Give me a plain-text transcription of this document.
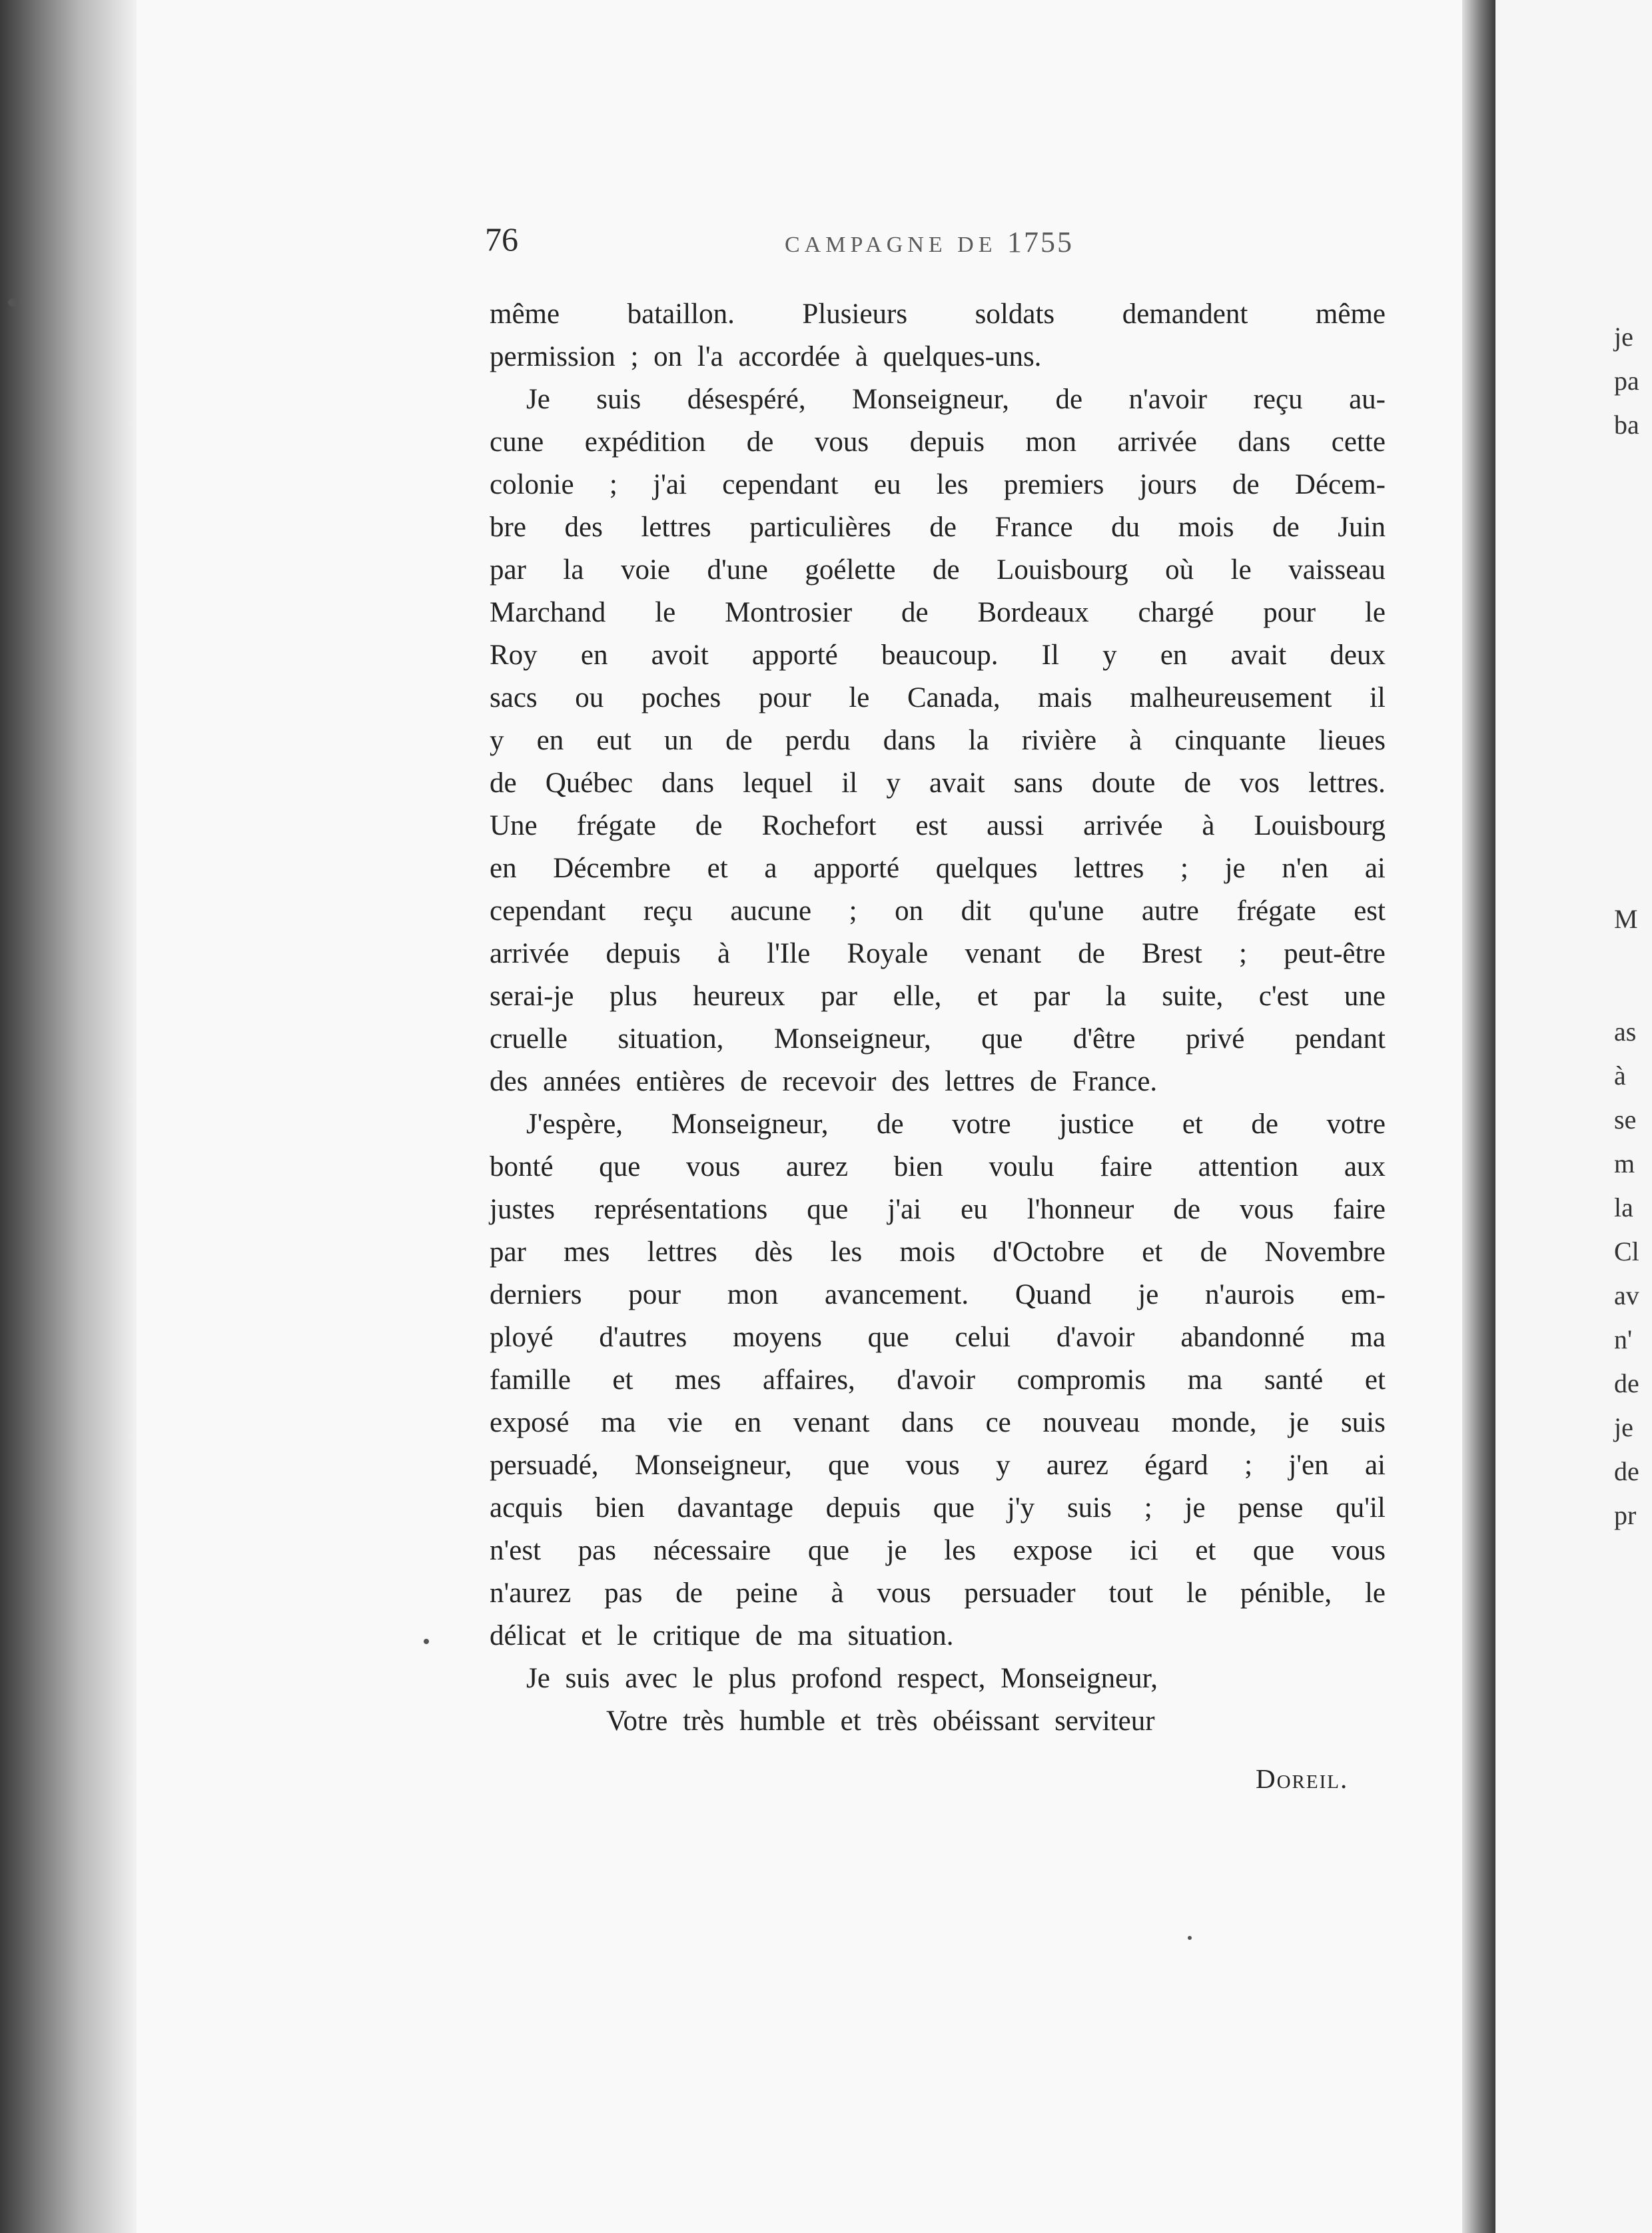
76	CAMPAGNE DE 1755
même bataillon. Plusieurs soldats demandent même
permission ; on l'a accordée à quelques-uns.
Je suis désespéré, Monseigneur, de n'avoir reçu au-
cune expédition de vous depuis mon arrivée dans cette
colonie ; j'ai cependant eu les premiers jours de Décem-
bre des lettres particulières de France du mois de Juin
par la voie d'une goélette de Louisbourg où le vaisseau
Marchand le Montrosier de Bordeaux chargé pour le
Roy en avoit apporté beaucoup. Il y en avait deux
sacs ou poches pour le Canada, mais malheureusement il
y en eut un de perdu dans la rivière à cinquante lieues
de Québec dans lequel il y avait sans doute de vos lettres.
Une frégate de Rochefort est aussi arrivée à Louisbourg
en Décembre et a apporté quelques lettres ; je n'en ai
cependant reçu aucune ; on dit qu'une autre frégate est
arrivée depuis à l'Ile Royale venant de Brest ; peut-être
serai-je plus heureux par elle, et par la suite, c'est une
cruelle situation, Monseigneur, que d'être privé pendant
des années entières de recevoir des lettres de France.
J'espère, Monseigneur, de votre justice et de votre
bonté que vous aurez bien voulu faire attention aux
justes représentations que j'ai eu l'honneur de vous faire
par mes lettres dès les mois d'Octobre et de Novembre
derniers pour mon avancement. Quand je n'aurois em-
ployé d'autres moyens que celui d'avoir abandonné ma
famille et mes affaires, d'avoir compromis ma santé et
exposé ma vie en venant dans ce nouveau monde, je suis
persuadé, Monseigneur, que vous y aurez égard ; j'en ai
acquis bien davantage depuis que j'y suis ; je pense qu'il
n'est pas nécessaire que je les expose ici et que vous
n'aurez pas de peine à vous persuader tout le pénible, le
délicat et le critique de ma situation.
Je suis avec le plus profond respect, Monseigneur,
Votre très humble et très obéissant serviteur
Doreil.
je
pa
ba
M
as
à
se
m
la
Cl
av
n'
de
je
de
pr
